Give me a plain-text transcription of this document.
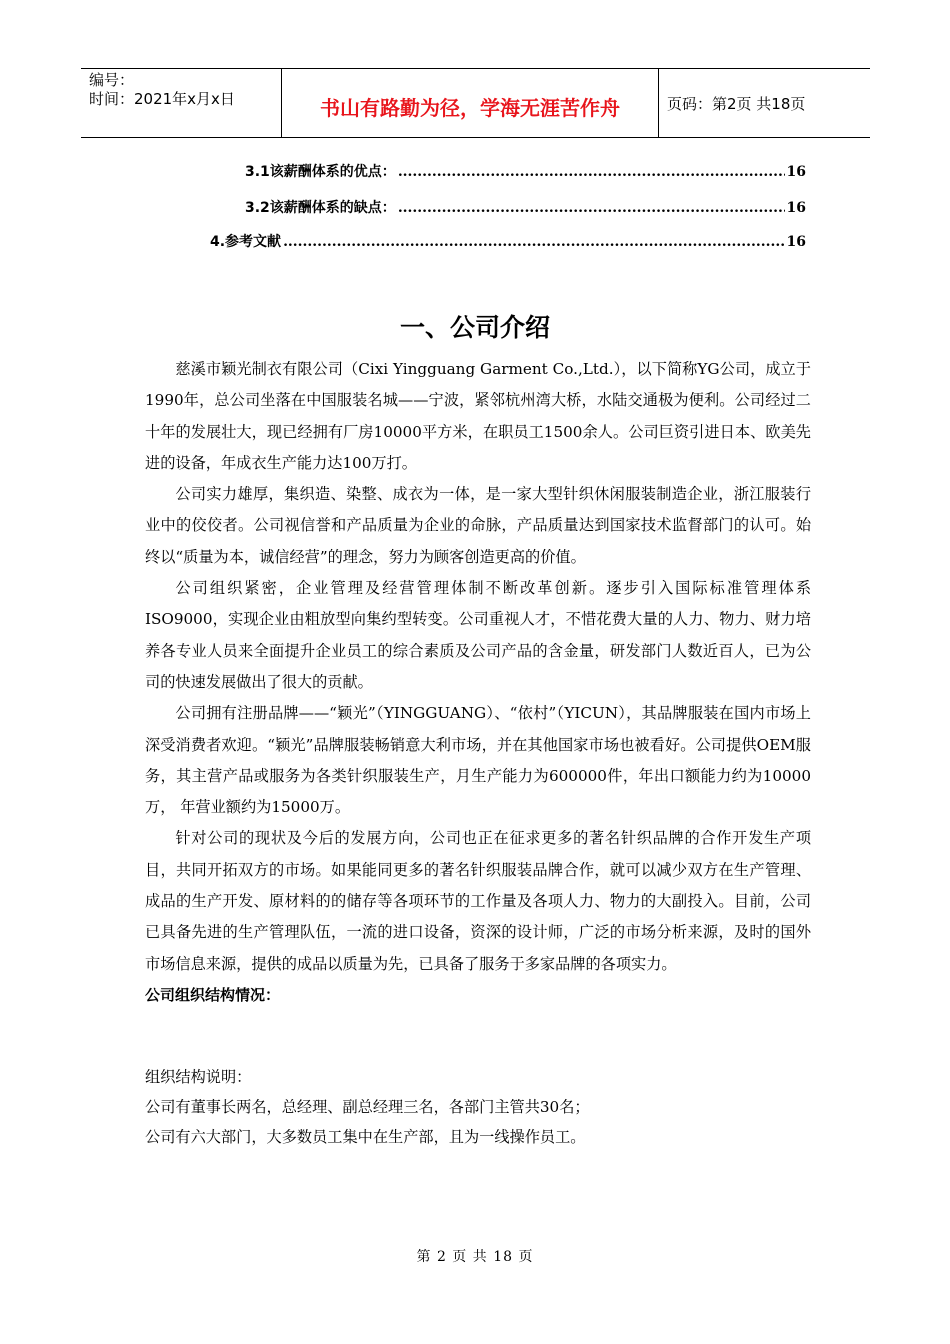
编号：
时间：2021年x月x日	书山有路勤为径，学海无涯苦作舟	页码：第2页 共18页
3.1该薪酬体系的优点： .....	16
3.2该薪酬体系的缺点： .....	16
4.参考文献 .....	16
一、公司介绍

慈溪市颖光制衣有限公司（Cixi Yingguang Garment Co.,Ltd.），以下简称YG公司，成立于1990年，总公司坐落在中国服装名城——宁波，紧邻杭州湾大桥，水陆交通极为便利。公司经过二十年的发展壮大，现已经拥有厂房10000平方米，在职员工1500余人。公司巨资引进日本、欧美先进的设备，年成衣生产能力达100万打。

公司实力雄厚，集织造、染整、成衣为一体，是一家大型针织休闲服装制造企业，浙江服装行业中的佼佼者。公司视信誉和产品质量为企业的命脉，产品质量达到国家技术监督部门的认可。始终以“质量为本，诚信经营”的理念，努力为顾客创造更高的价值。

公司组织紧密，企业管理及经营管理体制不断改革创新。逐步引入国际标准管理体系ISO9000，实现企业由粗放型向集约型转变。公司重视人才，不惜花费大量的人力、物力、财力培养各专业人员来全面提升企业员工的综合素质及公司产品的含金量，研发部门人数近百人，已为公司的快速发展做出了很大的贡献。

公司拥有注册品牌——“颖光”（YINGGUANG）、“依村”（YICUN），其品牌服装在国内市场上深受消费者欢迎。“颖光”品牌服装畅销意大利市场，并在其他国家市场也被看好。公司提供OEM服务，其主营产品或服务为各类针织服装生产，月生产能力为600000件，年出口额能力约为10000万， 年营业额约为15000万。

针对公司的现状及今后的发展方向，公司也正在征求更多的著名针织品牌的合作开发生产项目，共同开拓双方的市场。如果能同更多的著名针织服装品牌合作，就可以减少双方在生产管理、成品的生产开发、原材料的的储存等各项环节的工作量及各项人力、物力的大副投入。目前，公司已具备先进的生产管理队伍，一流的进口设备，资深的设计师，广泛的市场分析来源，及时的国外市场信息来源，提供的成品以质量为先，已具备了服务于多家品牌的各项实力。

公司组织结构情况：
组织结构说明：
公司有董事长两名，总经理、副总经理三名，各部门主管共30名；
公司有六大部门，大多数员工集中在生产部，且为一线操作员工。
第 2 页 共 18 页
